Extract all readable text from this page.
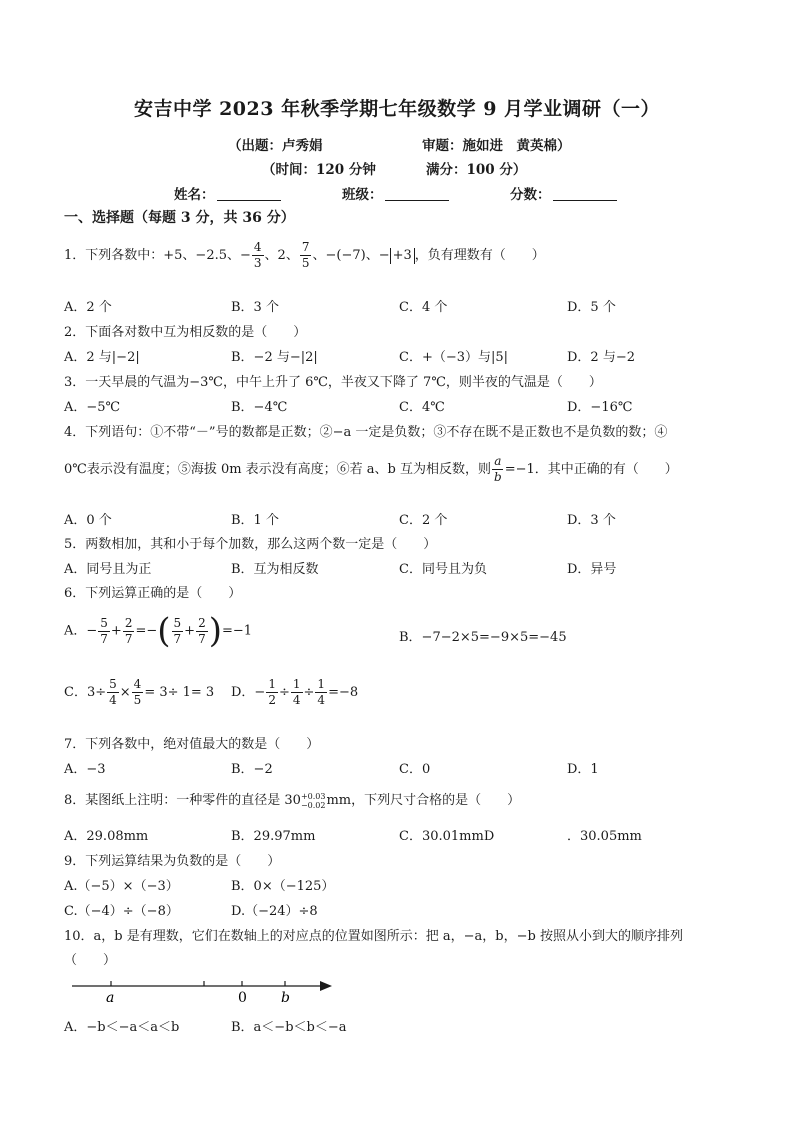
安吉中学 2023 年秋季学期七年级数学 9 月学业调研（一）
（出题：卢秀娟	审题：施如进　黄英棉）
（时间：120 分钟	满分：100 分）
姓名：	班级：	分数：
一、选择题（每题 3 分，共 36 分）
1．下列各数中：+5、−2.5、− $\frac{4}{3}$ 、2、 $\frac{7}{5}$ 、−(−7)、− +3 ，负有理数有（　　）
A．2 个	B．3 个	C．4 个	D．5 个
2．下面各对数中互为相反数的是（　　）
A．2 与|−2|	B．−2 与−|2|	C．+（−3）与|5|	D．2 与−2
3．一天早晨的气温为−3℃，中午上升了 6℃，半夜又下降了 7℃，则半夜的气温是（　　）
A．−5℃	B．−4℃	C．4℃	D．−16℃
4．下列语句：①不带“－”号的数都是正数；②−a 一定是负数；③不存在既不是正数也不是负数的数；④
0℃表示没有温度；⑤海拔 0m 表示没有高度；⑥若 a、b 互为相反数，则 $\frac{a}{b} =-1$．其中正确的有（　　）
A．0 个	B．1 个	C．2 个	D．3 个
5．两数相加，其和小于每个加数，那么这两个数一定是（　　）
A．同号且为正	B．互为相反数	C．同号且为负	D．异号
6．下列运算正确的是（　　）
A．− $\frac{5}{7} + \frac{2}{7}$ =−( $\frac{5}{7} + \frac{2}{7} )=-1$	B．−7−2×5=−9×5=−45
C．$3\div \frac{5}{4} \times \frac{4}{5} = 3\div 1= 3$ D．− $\frac{1}{2} \div \frac{1}{4} \div \frac{1}{4} =-8$
7．下列各数中，绝对值最大的数是（　　）
A．−3	B．−2	C．0	D．1
8．某图纸上注明：一种零件的直径是 30 +0.03
−0.02 mm，下列尺寸合格的是（　　）
A．29.08mm	B．29.97mm	C．30.01mmD	．30.05mm
9．下列运算结果为负数的是（　　）
A.（−5）×（−3）	B．0×（−125）
C.（−4）÷（−8）	D.（−24）÷8
10．a，b 是有理数，它们在数轴上的对应点的位置如图所示：把 a，−a，b，−b 按照从小到大的顺序排列
（　　）
a	0 b
A．−b＜−a＜a＜b	B．a＜−b＜b＜−a
